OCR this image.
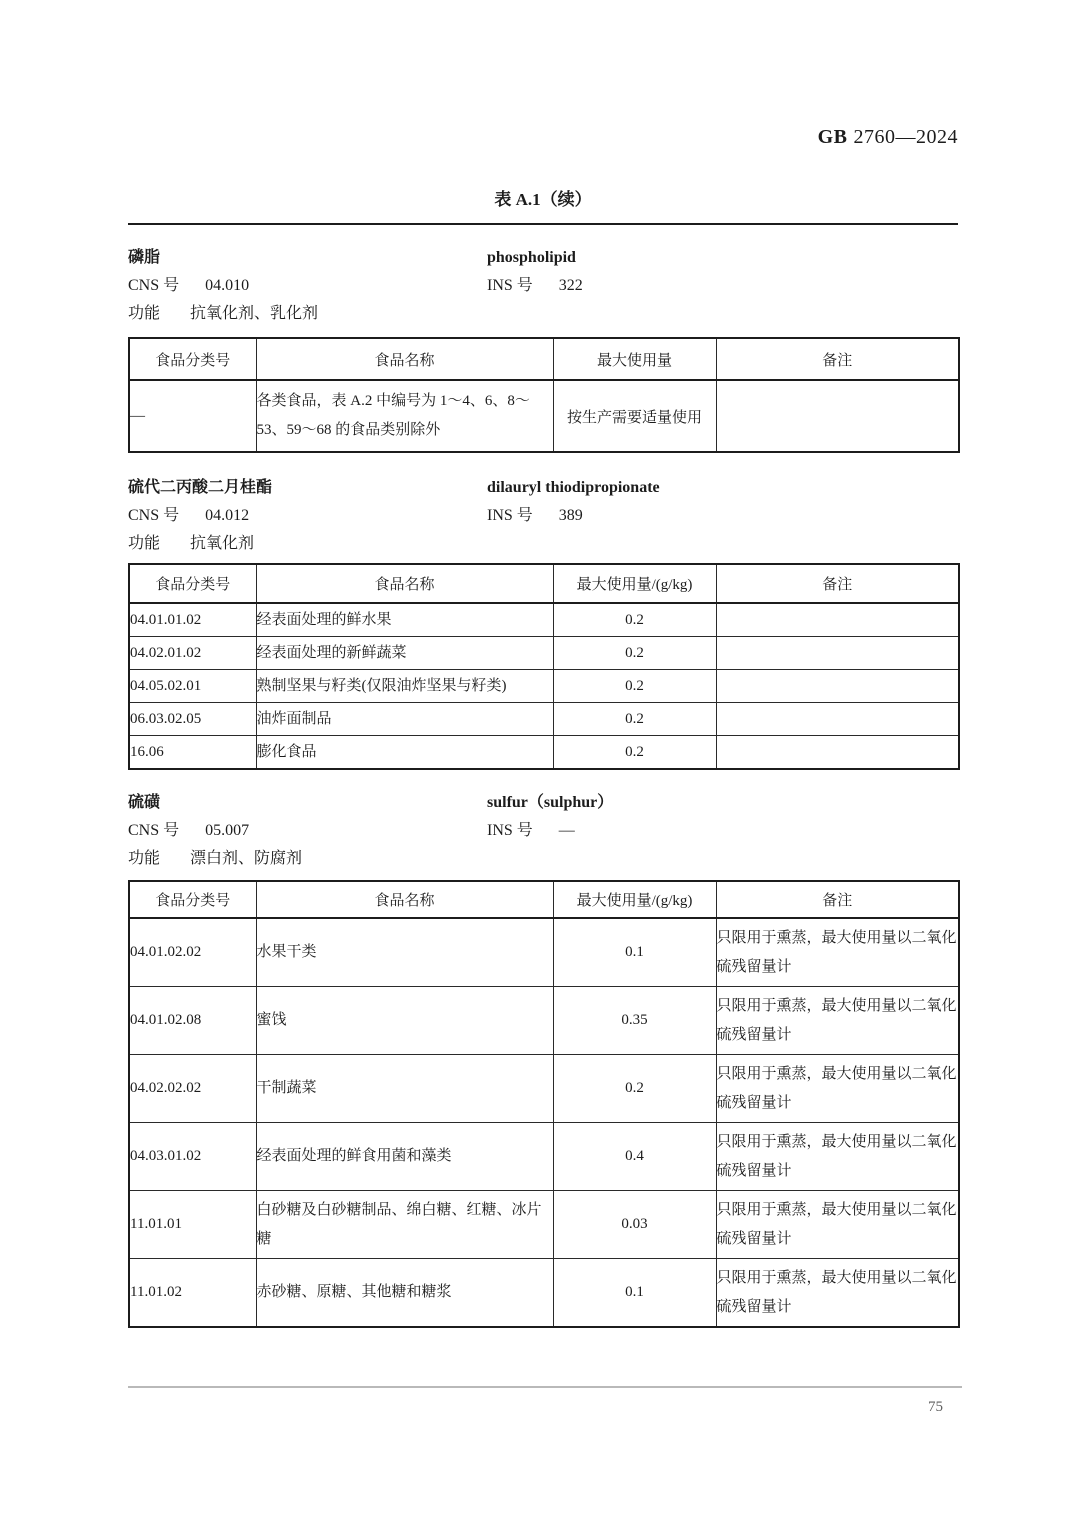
GB 2760—2024
表 A.1（续）
磷脂	phospholipid
CNS 号 04.010	INS 号 322
功能 抗氧化剂、乳化剂
食品分类号	食品名称	最大使用量	备注
—	各类食品，表 A.2 中编号为 1～4、6、8～53、59～68 的食品类别除外	按生产需要适量使用	
硫代二丙酸二月桂酯	dilauryl thiodipropionate
CNS 号 04.012	INS 号 389
功能 抗氧化剂
食品分类号	食品名称	最大使用量/(g/kg)	备注
04.01.01.02	经表面处理的鲜水果	0.2	
04.02.01.02	经表面处理的新鲜蔬菜	0.2	
04.05.02.01	熟制坚果与籽类(仅限油炸坚果与籽类)	0.2	
06.03.02.05	油炸面制品	0.2	
16.06	膨化食品	0.2	
硫磺	sulfur（sulphur）
CNS 号 05.007	INS 号 —
功能 漂白剂、防腐剂
食品分类号	食品名称	最大使用量/(g/kg)	备注
04.01.02.02	水果干类	0.1	只限用于熏蒸，最大使用量以二氧化硫残留量计
04.01.02.08	蜜饯	0.35	只限用于熏蒸，最大使用量以二氧化硫残留量计
04.02.02.02	干制蔬菜	0.2	只限用于熏蒸，最大使用量以二氧化硫残留量计
04.03.01.02	经表面处理的鲜食用菌和藻类	0.4	只限用于熏蒸，最大使用量以二氧化硫残留量计
11.01.01	白砂糖及白砂糖制品、绵白糖、红糖、冰片糖	0.03	只限用于熏蒸，最大使用量以二氧化硫残留量计
11.01.02	赤砂糖、原糖、其他糖和糖浆	0.1	只限用于熏蒸，最大使用量以二氧化硫残留量计
75
